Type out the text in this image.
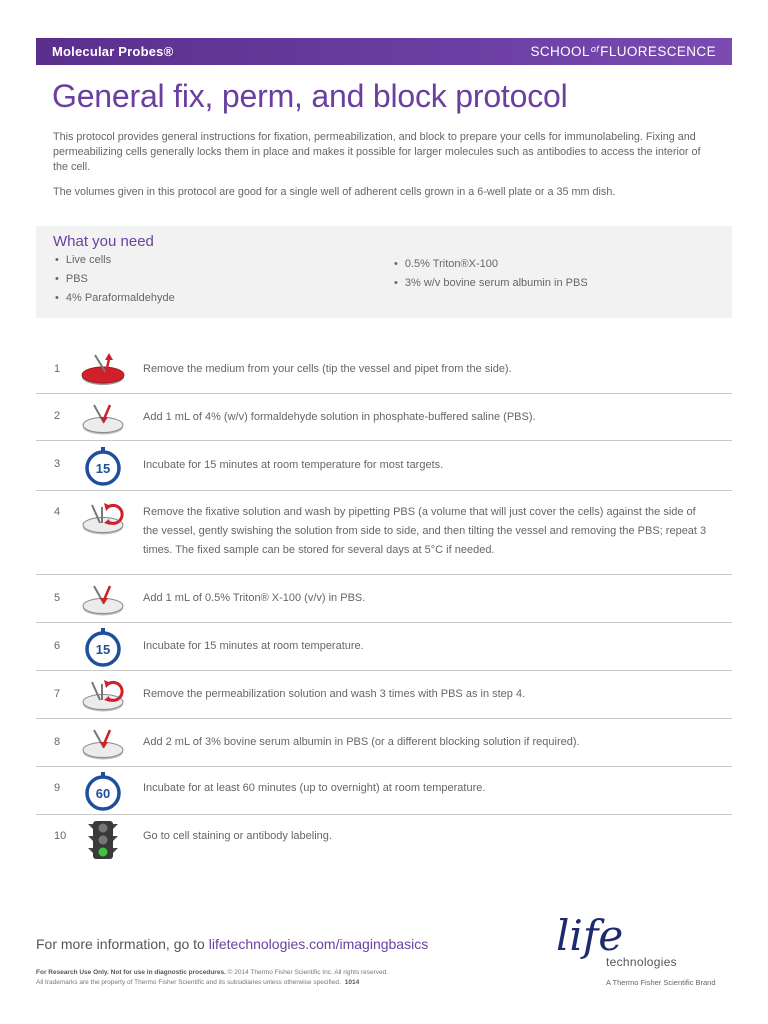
Molecular Probes®	$SCHOOL^{of}FLUORESCENCE$
General fix, perm, and block protocol

This protocol provides general instructions for fixation, permeabilization, and block to prepare your cells for immunolabeling. Fixing and permeabilizing cells generally locks them in place and makes it possible for larger molecules such as antibodies to access the interior of the cell.

The volumes given in this protocol are good for a single well of adherent cells grown in a 6-well plate or a 35 mm dish.

What you need
• Live cells
• PBS
• 4% Paraformaldehyde
• 0.5% Triton®X-100
• 3% w/v bovine serum albumin in PBS
1	Remove the medium from your cells (tip the vessel and pipet from the side).
2	Add 1 mL of 4% (w/v) formaldehyde solution in phosphate-buffered saline (PBS).
3	15	Incubate for 15 minutes at room temperature for most targets.
4	Remove the fixative solution and wash by pipetting PBS (a volume that will just cover the cells) against the side of the vessel, gently swishing the solution from side to side, and then tilting the vessel and removing the PBS; repeat 3 times. The fixed sample can be stored for several days at 5°C if needed.
5	Add 1 mL of 0.5% Triton® X-100 (v/v) in PBS.
6	15	Incubate for 15 minutes at room temperature.
7	Remove the permeabilization solution and wash 3 times with PBS as in step 4.
8	Add 2 mL of 3% bovine serum albumin in PBS (or a different blocking solution if required).
9	60	Incubate for at least 60 minutes (up to overnight) at room temperature.
10	Go to cell staining or antibody labeling.
For more information, go to lifetechnologies.com/imagingbasics
For Research Use Only. Not for use in diagnostic procedures. © 2014 Thermo Fisher Scientific Inc. All rights reserved.
All trademarks are the property of Thermo Fisher Scientific and its subsidiaries unless otherwise specified. 1014
life
technologies
A Thermo Fisher Scientific Brand
